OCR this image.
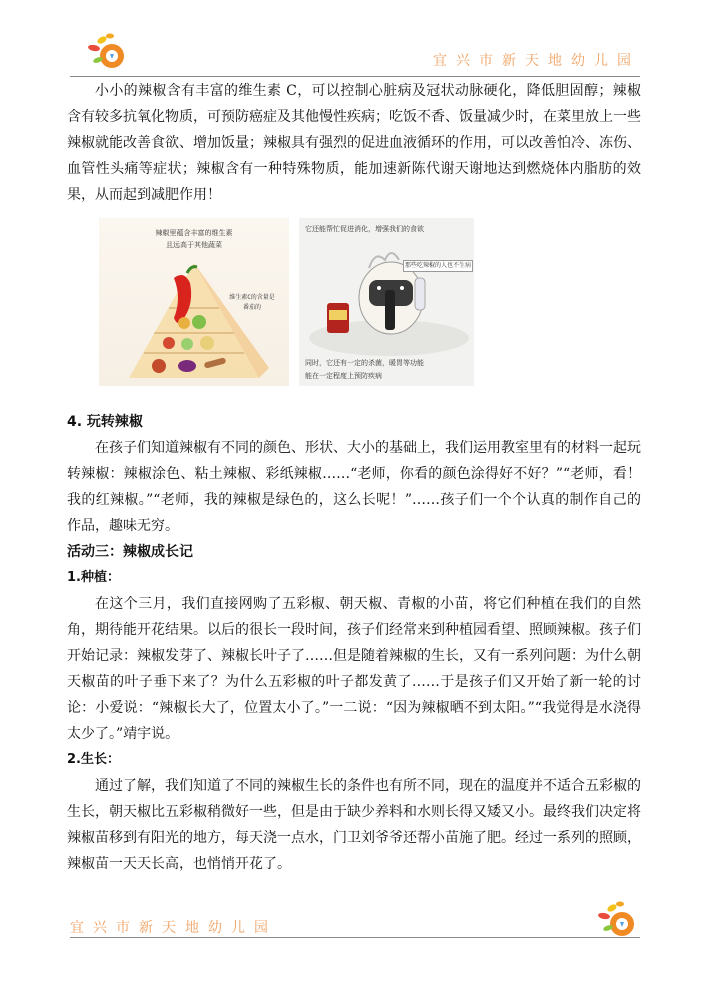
宜兴市新天地幼儿园

小小的辣椒含有丰富的维生素 C，可以控制心脏病及冠状动脉硬化，降低胆固醇；辣椒含有较多抗氧化物质，可预防癌症及其他慢性疾病；吃饭不香、饭量减少时，在菜里放上一些辣椒就能改善食欲、增加饭量；辣椒具有强烈的促进血液循环的作用，可以改善怕冷、冻伤、血管性头痛等症状；辣椒含有一种特殊物质，能加速新陈代谢天谢地达到燃烧体内脂肪的效果，从而起到减肥作用！

辣椒里蕴含丰富的维生素
且远高于其他蔬菜
维生素C的含量是番茄的
它还能帮忙促进消化，增强我们的食欲
那些吃辣椒的人也不生病
同时，它还有一定的杀菌，暖胃等功能
能在一定程度上预防疾病

4. 玩转辣椒

在孩子们知道辣椒有不同的颜色、形状、大小的基础上，我们运用教室里有的材料一起玩转辣椒：辣椒涂色、粘土辣椒、彩纸辣椒……“老师，你看的颜色涂得好不好？”“老师，看！我的红辣椒。”“老师，我的辣椒是绿色的，这么长呢！”……孩子们一个个认真的制作自己的作品，趣味无穷。

活动三：辣椒成长记

1.种植：

在这个三月，我们直接网购了五彩椒、朝天椒、青椒的小苗，将它们种植在我们的自然角，期待能开花结果。以后的很长一段时间，孩子们经常来到种植园看望、照顾辣椒。孩子们开始记录：辣椒发芽了、辣椒长叶子了……但是随着辣椒的生长，又有一系列问题：为什么朝天椒苗的叶子垂下来了？为什么五彩椒的叶子都发黄了……于是孩子们又开始了新一轮的讨论：小爱说：“辣椒长大了，位置太小了。”一二说：“因为辣椒晒不到太阳。”“我觉得是水浇得太少了。”靖宇说。

2.生长：

通过了解，我们知道了不同的辣椒生长的条件也有所不同，现在的温度并不适合五彩椒的生长，朝天椒比五彩椒稍微好一些，但是由于缺少养料和水则长得又矮又小。最终我们决定将辣椒苗移到有阳光的地方，每天浇一点水，门卫刘爷爷还帮小苗施了肥。经过一系列的照顾，辣椒苗一天天长高，也悄悄开花了。

宜兴市新天地幼儿园
